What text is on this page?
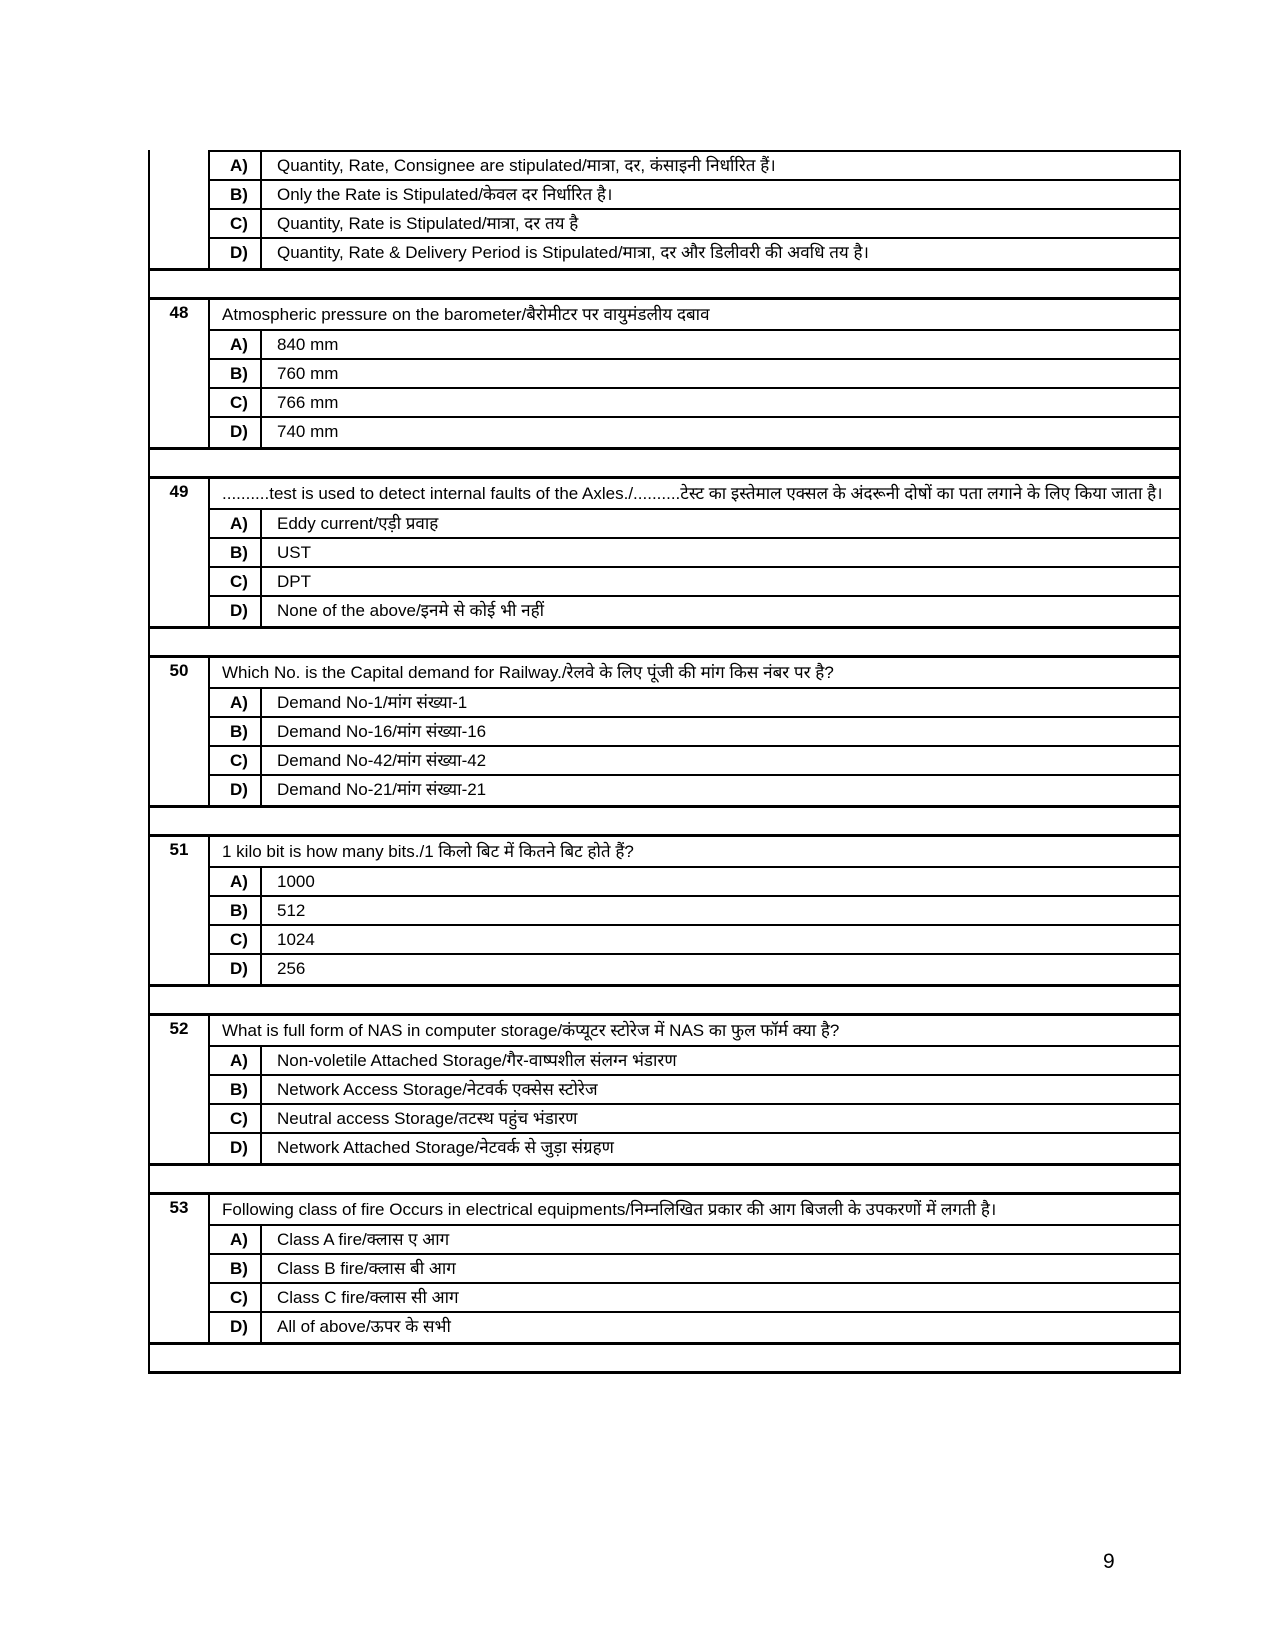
A)	Quantity, Rate, Consignee are stipulated/मात्रा, दर, कंसाइनी निर्धारित हैं।
B)	Only the Rate is Stipulated/केवल दर निर्धारित है।
C)	Quantity, Rate is Stipulated/मात्रा, दर तय है
D)	Quantity, Rate & Delivery Period is Stipulated/मात्रा, दर और डिलीवरी की अवधि तय है।
48	Atmospheric pressure on the barometer/बैरोमीटर पर वायुमंडलीय दबाव
A)	840 mm
B)	760 mm
C)	766 mm
D)	740 mm
49	..........test is used to detect internal faults of the Axles./..........टेस्ट का इस्तेमाल एक्सल के अंदरूनी दोषों का पता लगाने के लिए किया जाता है।
A)	Eddy current/एड़ी प्रवाह
B)	UST
C)	DPT
D)	None of the above/इनमे से कोई भी नहीं
50	Which No. is the Capital demand for Railway./रेलवे के लिए पूंजी की मांग किस नंबर पर है?
A)	Demand No-1/मांग संख्या-1
B)	Demand No-16/मांग संख्या-16
C)	Demand No-42/मांग संख्या-42
D)	Demand No-21/मांग संख्या-21
51	1 kilo bit is how many bits./1 किलो बिट में कितने बिट होते हैं?
A)	1000
B)	512
C)	1024
D)	256
52	What is full form of NAS in computer storage/कंप्यूटर स्टोरेज में NAS का फुल फॉर्म क्या है?
A)	Non-voletile Attached Storage/गैर-वाष्पशील संलग्न भंडारण
B)	Network Access Storage/नेटवर्क एक्सेस स्टोरेज
C)	Neutral access Storage/तटस्थ पहुंच भंडारण
D)	Network Attached Storage/नेटवर्क से जुड़ा संग्रहण
53	Following class of fire Occurs in electrical equipments/निम्नलिखित प्रकार की आग बिजली के उपकरणों में लगती है।
A)	Class A fire/क्लास ए आग
B)	Class B fire/क्लास बी आग
C)	Class C fire/क्लास सी आग
D)	All of above/ऊपर के सभी
9
